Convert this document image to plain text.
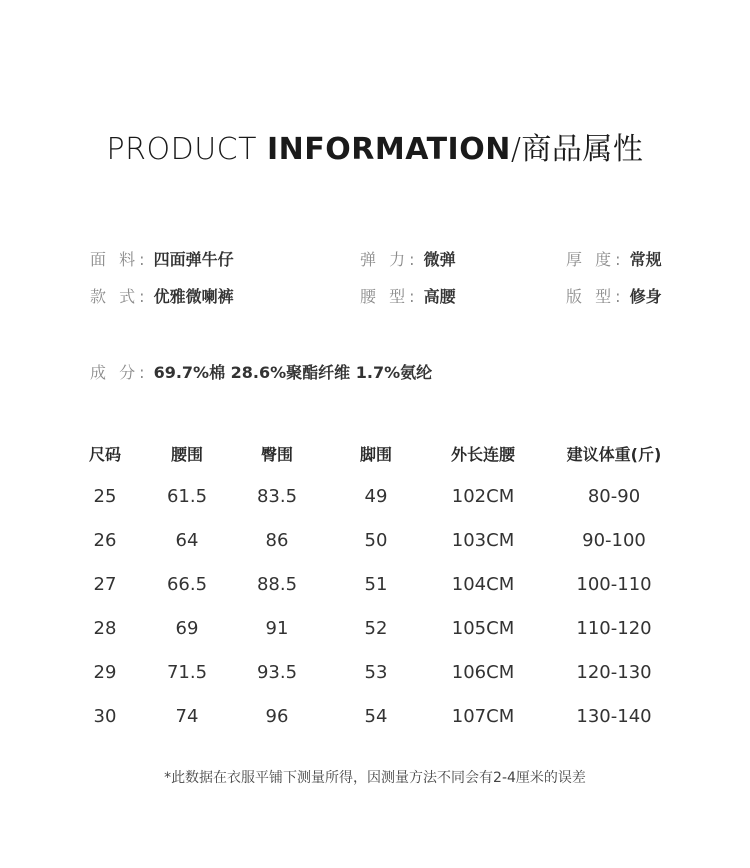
PRODUCT INFORMATION/商品属性
面 料: 四面弹牛仔	弹 力: 微弹	厚 度: 常规
款 式: 优雅微喇裤	腰 型: 高腰	版 型: 修身
成 分: 69.7%棉 28.6%聚酯纤维 1.7%氨纶
尺码	腰围	臀围	脚围	外长连腰	建议体重(斤)
25	61.5	83.5	49	102CM	80-90
26	64	86	50	103CM	90-100
27	66.5	88.5	51	104CM	100-110
28	69	91	52	105CM	110-120
29	71.5	93.5	53	106CM	120-130
30	74	96	54	107CM	130-140
*此数据在衣服平铺下测量所得，因测量方法不同会有2-4厘米的误差
